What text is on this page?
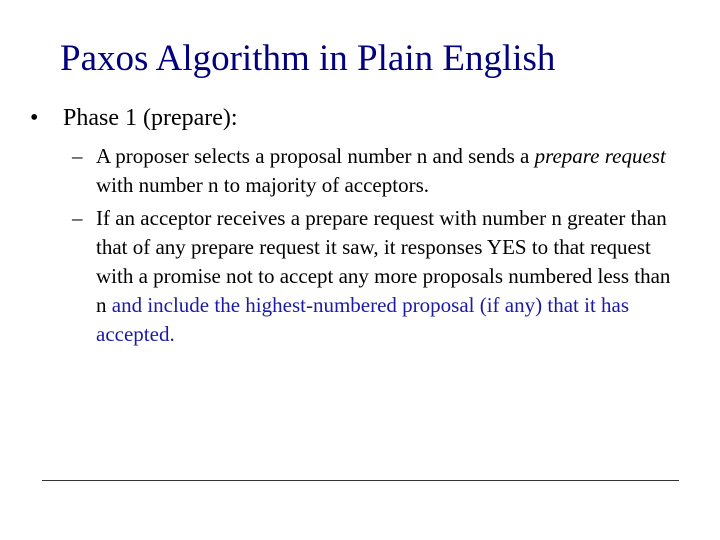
Paxos Algorithm in Plain English
• Phase 1 (prepare):
– A proposer selects a proposal number n and sends a prepare request with number n to majority of acceptors.
– If an acceptor receives a prepare request with number n greater than that of any prepare request it saw, it responses YES to that request with a promise not to accept any more proposals numbered less than n and include the highest-numbered proposal (if any) that it has accepted.
